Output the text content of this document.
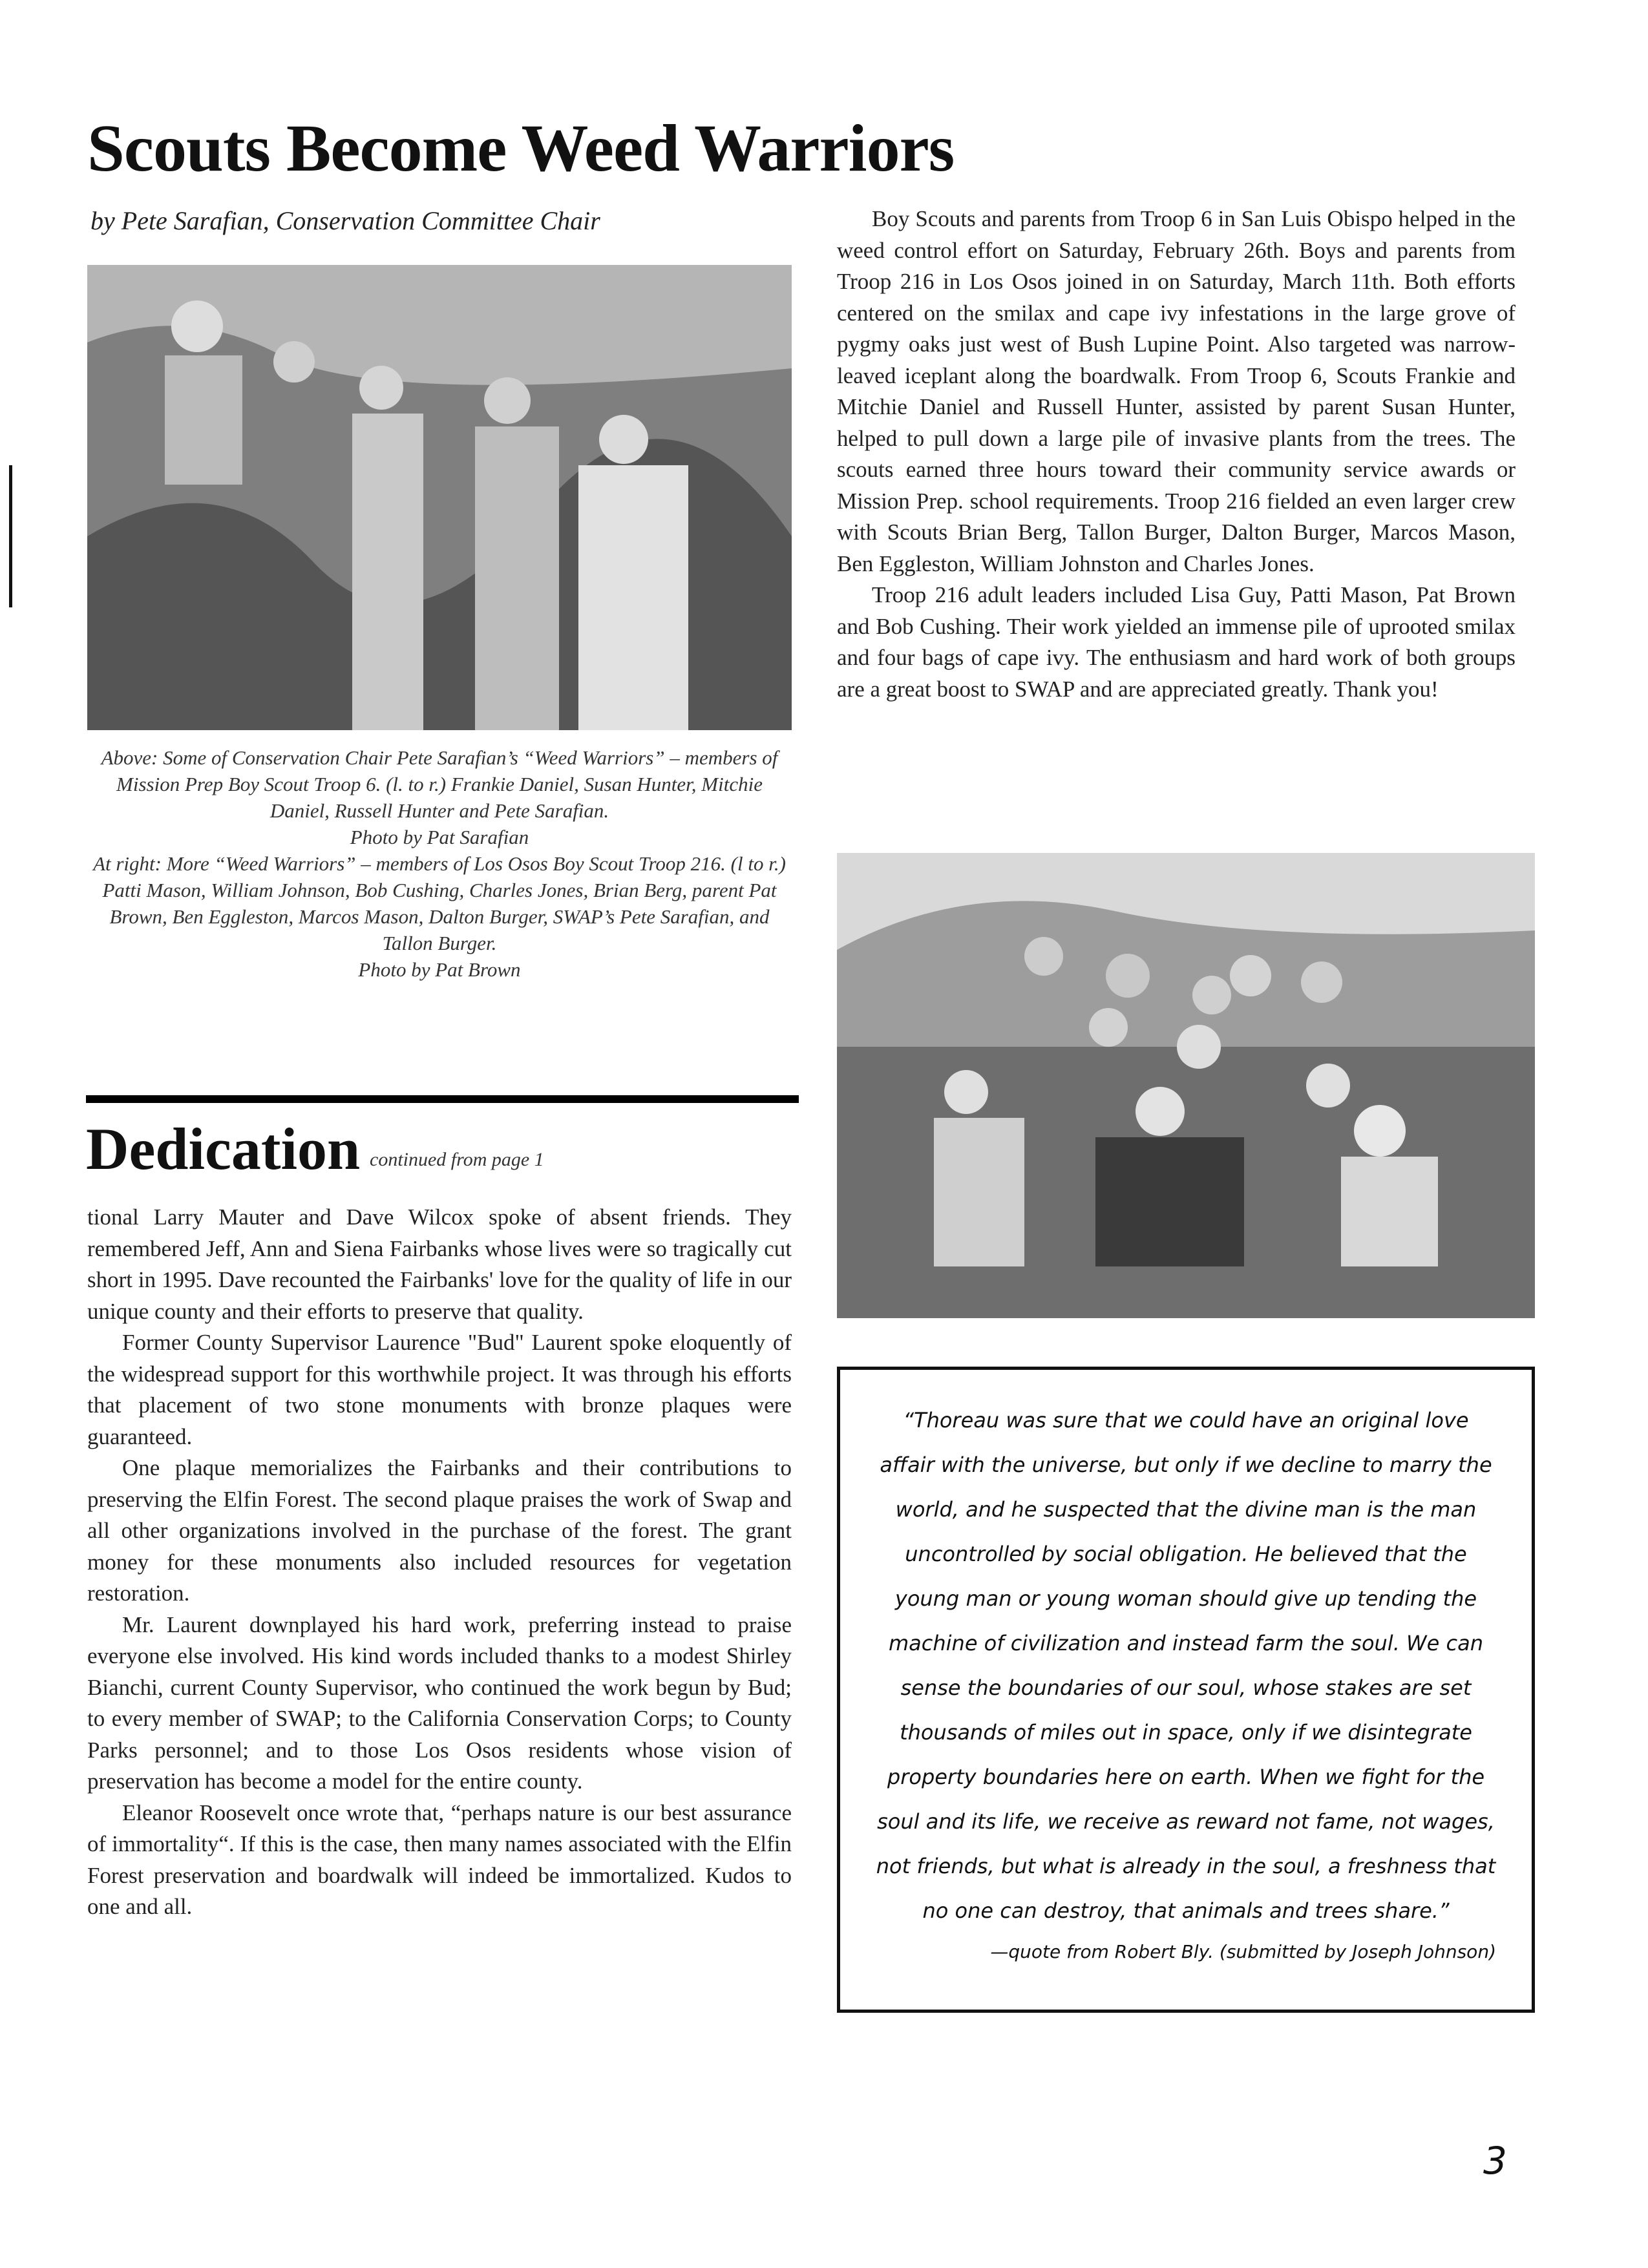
Scouts Become Weed Warriors
by Pete Sarafian, Conservation Committee Chair

Above: Some of Conservation Chair Pete Sarafian’s “Weed Warriors” – members of Mission Prep Boy Scout Troop 6. (l. to r.) Frankie Daniel, Susan Hunter, Mitchie Daniel, Russell Hunter and Pete Sarafian.

Photo by Pat Sarafian

At right: More “Weed Warriors” – members of Los Osos Boy Scout Troop 216. (l to r.) Patti Mason, William Johnson, Bob Cushing, Charles Jones, Brian Berg, parent Pat Brown, Ben Eggleston, Marcos Mason, Dalton Burger, SWAP’s Pete Sarafian, and Tallon Burger.

Photo by Pat Brown

Boy Scouts and parents from Troop 6 in San Luis Obispo helped in the weed control effort on Saturday, February 26th. Boys and parents from Troop 216 in Los Osos joined in on Saturday, March 11th. Both efforts centered on the smilax and cape ivy infestations in the large grove of pygmy oaks just west of Bush Lupine Point. Also targeted was narrow-leaved iceplant along the boardwalk. From Troop 6, Scouts Frankie and Mitchie Daniel and Russell Hunter, assisted by parent Susan Hunter, helped to pull down a large pile of invasive plants from the trees. The scouts earned three hours toward their community service awards or Mission Prep. school requirements. Troop 216 fielded an even larger crew with Scouts Brian Berg, Tallon Burger, Dalton Burger, Marcos Mason, Ben Eggleston, William Johnston and Charles Jones.

Troop 216 adult leaders included Lisa Guy, Patti Mason, Pat Brown and Bob Cushing. Their work yielded an immense pile of uprooted smilax and four bags of cape ivy. The enthusiasm and hard work of both groups are a great boost to SWAP and are appreciated greatly. Thank you!

Dedication continued from page 1

tional Larry Mauter and Dave Wilcox spoke of absent friends. They remembered Jeff, Ann and Siena Fairbanks whose lives were so tragically cut short in 1995. Dave recounted the Fairbanks' love for the quality of life in our unique county and their efforts to preserve that quality.

Former County Supervisor Laurence "Bud" Laurent spoke eloquently of the widespread support for this worthwhile project. It was through his efforts that placement of two stone monuments with bronze plaques were guaranteed.

One plaque memorializes the Fairbanks and their contributions to preserving the Elfin Forest. The second plaque praises the work of Swap and all other organizations involved in the purchase of the forest. The grant money for these monuments also included resources for vegetation restoration.

Mr. Laurent downplayed his hard work, preferring instead to praise everyone else involved. His kind words included thanks to a modest Shirley Bianchi, current County Supervisor, who continued the work begun by Bud; to every member of SWAP; to the California Conservation Corps; to County Parks personnel; and to those Los Osos residents whose vision of preservation has become a model for the entire county.

Eleanor Roosevelt once wrote that, “perhaps nature is our best assurance of immortality“. If this is the case, then many names associated with the Elfin Forest preservation and boardwalk will indeed be immortalized. Kudos to one and all.

“Thoreau was sure that we could have an original love affair with the universe, but only if we decline to marry the world, and he suspected that the divine man is the man uncontrolled by social obligation. He believed that the young man or young woman should give up tending the machine of civilization and instead farm the soul. We can sense the boundaries of our soul, whose stakes are set thousands of miles out in space, only if we disintegrate property boundaries here on earth. When we fight for the soul and its life, we receive as reward not fame, not wages, not friends, but what is already in the soul, a freshness that no one can destroy, that animals and trees share.”

—quote from Robert Bly. (submitted by Joseph Johnson)
3
